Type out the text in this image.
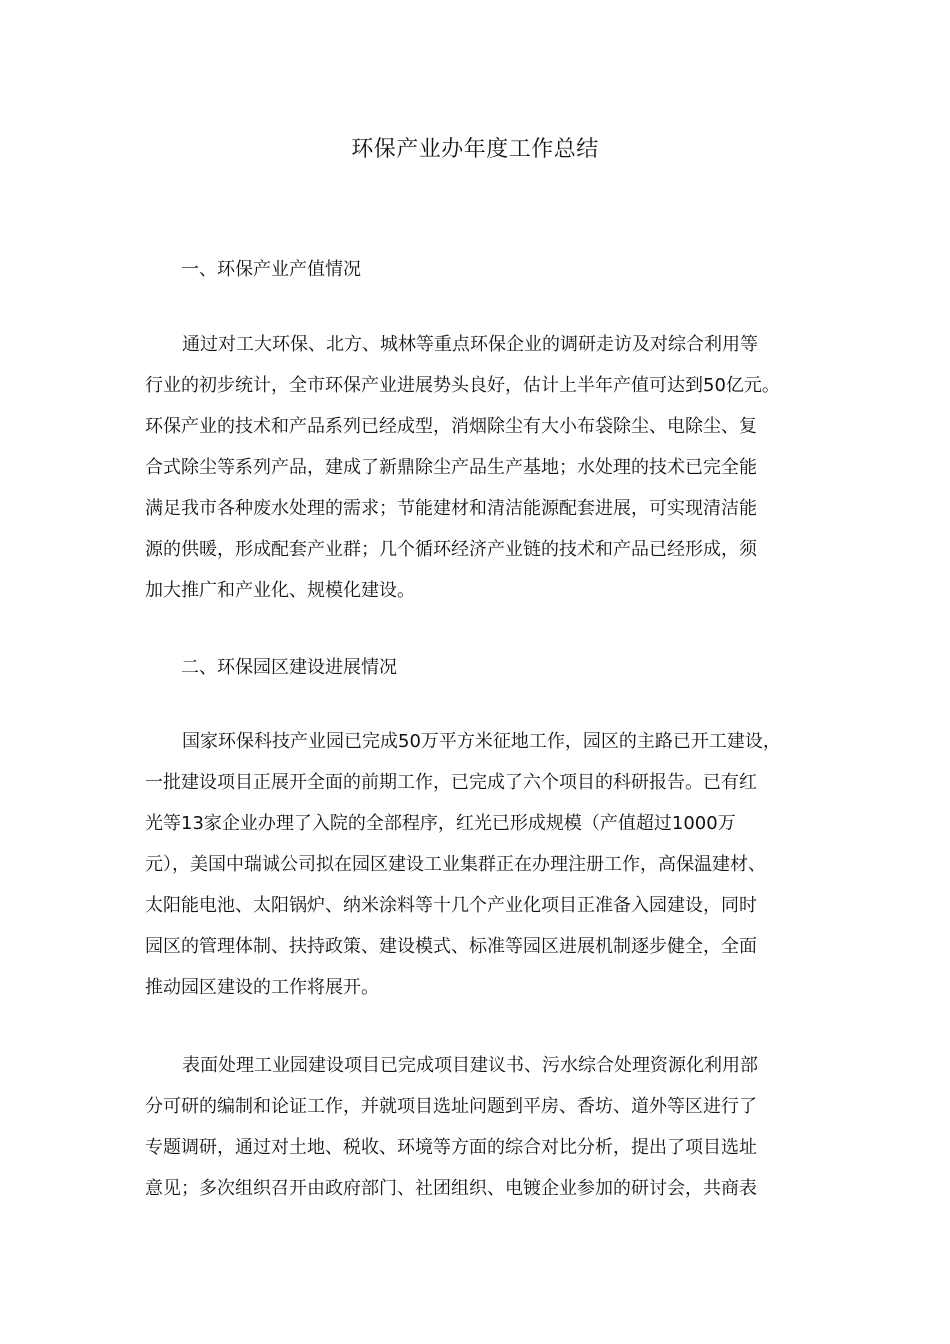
环保产业办年度工作总结
一、环保产业产值情况
通过对工大环保、北方、城林等重点环保企业的调研走访及对综合利用等
行业的初步统计，全市环保产业进展势头良好，估计上半年产值可达到50亿元。
环保产业的技术和产品系列已经成型，消烟除尘有大小布袋除尘、电除尘、复
合式除尘等系列产品，建成了新鼎除尘产品生产基地；水处理的技术已完全能
满足我市各种废水处理的需求；节能建材和清洁能源配套进展，可实现清洁能
源的供暖，形成配套产业群；几个循环经济产业链的技术和产品已经形成，须
加大推广和产业化、规模化建设。
二、环保园区建设进展情况
国家环保科技产业园已完成50万平方米征地工作，园区的主路已开工建设，
一批建设项目正展开全面的前期工作，已完成了六个项目的科研报告。已有红
光等13家企业办理了入院的全部程序，红光已形成规模（产值超过1000万
元），美国中瑞诚公司拟在园区建设工业集群正在办理注册工作，高保温建材、
太阳能电池、太阳锅炉、纳米涂料等十几个产业化项目正准备入园建设，同时
园区的管理体制、扶持政策、建设模式、标准等园区进展机制逐步健全，全面
推动园区建设的工作将展开。
表面处理工业园建设项目已完成项目建议书、污水综合处理资源化利用部
分可研的编制和论证工作，并就项目选址问题到平房、香坊、道外等区进行了
专题调研，通过对土地、税收、环境等方面的综合对比分析，提出了项目选址
意见；多次组织召开由政府部门、社团组织、电镀企业参加的研讨会，共商表
